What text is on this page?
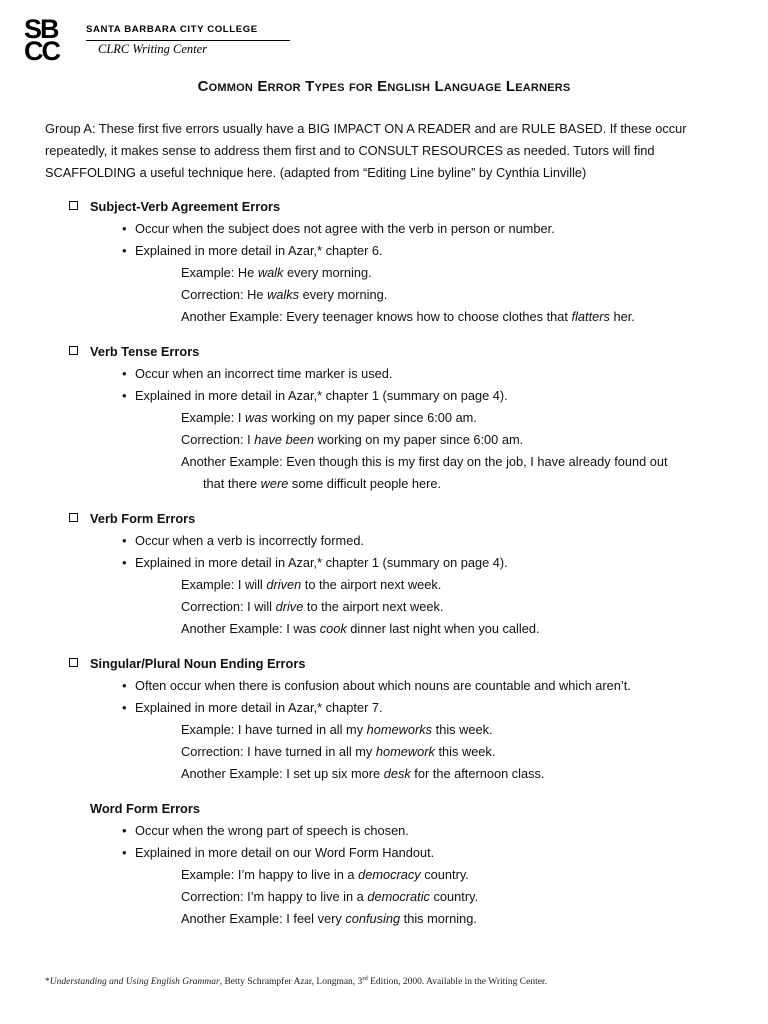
SB
CC
SANTA BARBARA CITY COLLEGE
CLRC Writing Center
Common Error Types for English Language Learners
Group A: These first five errors usually have a BIG IMPACT ON A READER and are RULE BASED. If these occur repeatedly, it makes sense to address them first and to CONSULT RESOURCES as needed. Tutors will find SCAFFOLDING a useful technique here. (adapted from “Editing Line byline” by Cynthia Linville)
Subject-Verb Agreement Errors
• Occur when the subject does not agree with the verb in person or number.
• Explained in more detail in Azar,* chapter 6.
Example: He walk every morning.
Correction: He walks every morning.
Another Example: Every teenager knows how to choose clothes that flatters her.
Verb Tense Errors
• Occur when an incorrect time marker is used.
• Explained in more detail in Azar,* chapter 1 (summary on page 4).
Example: I was working on my paper since 6:00 am.
Correction: I have been working on my paper since 6:00 am.
Another Example: Even though this is my first day on the job, I have already found out
that there were some difficult people here.
Verb Form Errors
• Occur when a verb is incorrectly formed.
• Explained in more detail in Azar,* chapter 1 (summary on page 4).
Example: I will driven to the airport next week.
Correction: I will drive to the airport next week.
Another Example: I was cook dinner last night when you called.
Singular/Plural Noun Ending Errors
• Often occur when there is confusion about which nouns are countable and which aren’t.
• Explained in more detail in Azar,* chapter 7.
Example: I have turned in all my homeworks this week.
Correction: I have turned in all my homework this week.
Another Example: I set up six more desk for the afternoon class.
Word Form Errors
• Occur when the wrong part of speech is chosen.
• Explained in more detail on our Word Form Handout.
Example: I’m happy to live in a democracy country.
Correction: I’m happy to live in a democratic country.
Another Example: I feel very confusing this morning.
*Understanding and Using English Grammar, Betty Schrampfer Azar, Longman, 3rd Edition, 2000. Available in the Writing Center.
